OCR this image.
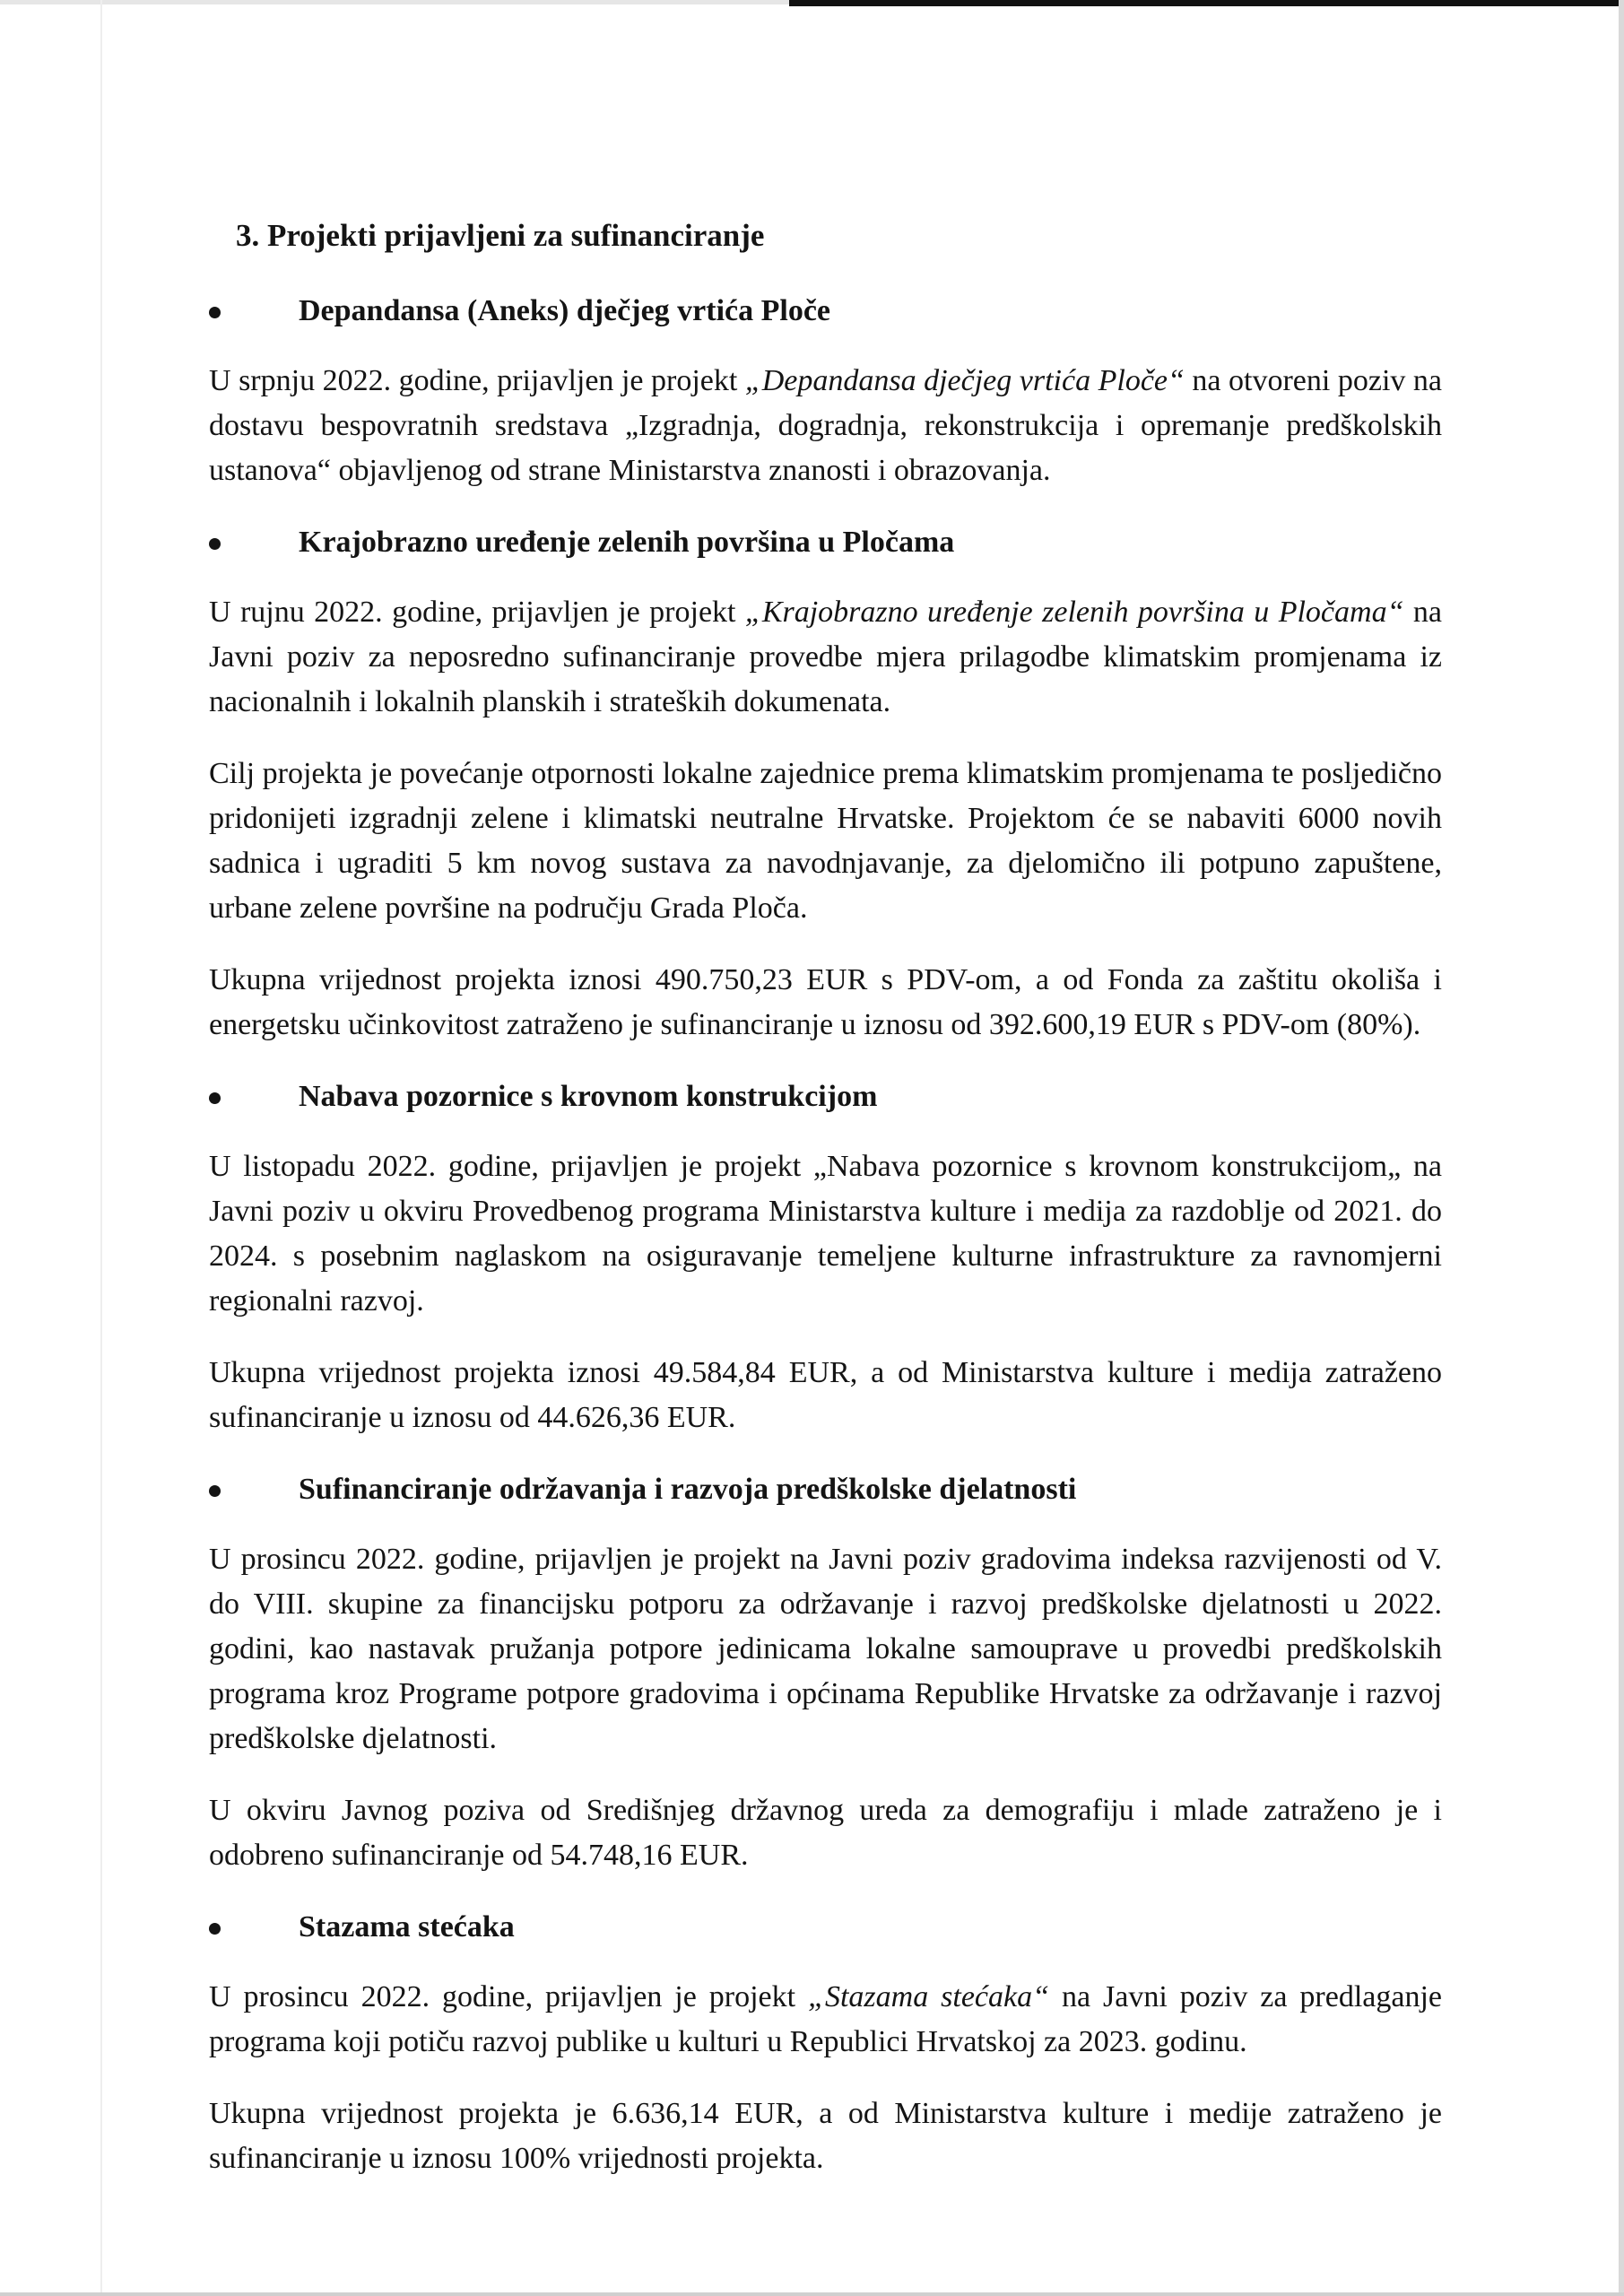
3. Projekti prijavljeni za sufinanciranje
Depandansa (Aneks) dječjeg vrtića Ploče

U srpnju 2022. godine, prijavljen je projekt „Depandansa dječjeg vrtića Ploče“ na otvoreni poziv na dostavu bespovratnih sredstava „Izgradnja, dogradnja, rekonstrukcija i opremanje predškolskih ustanova“ objavljenog od strane Ministarstva znanosti i obrazovanja.

Krajobrazno uređenje zelenih površina u Pločama

U rujnu 2022. godine, prijavljen je projekt „Krajobrazno uređenje zelenih površina u Pločama“ na Javni poziv za neposredno sufinanciranje provedbe mjera prilagodbe klimatskim promjenama iz nacionalnih i lokalnih planskih i strateških dokumenata.

Cilj projekta je povećanje otpornosti lokalne zajednice prema klimatskim promjenama te posljedično pridonijeti izgradnji zelene i klimatski neutralne Hrvatske. Projektom će se nabaviti 6000 novih sadnica i ugraditi 5 km novog sustava za navodnjavanje, za djelomično ili potpuno zapuštene, urbane zelene površine na području Grada Ploča.

Ukupna vrijednost projekta iznosi 490.750,23 EUR s PDV-om, a od Fonda za zaštitu okoliša i energetsku učinkovitost zatraženo je sufinanciranje u iznosu od 392.600,19 EUR s PDV-om (80%).

Nabava pozornice s krovnom konstrukcijom

U listopadu 2022. godine, prijavljen je projekt „Nabava pozornice s krovnom konstrukcijom„ na Javni poziv u okviru Provedbenog programa Ministarstva kulture i medija za razdoblje od 2021. do 2024. s posebnim naglaskom na osiguravanje temeljene kulturne infrastrukture za ravnomjerni regionalni razvoj.

Ukupna vrijednost projekta iznosi 49.584,84 EUR, a od Ministarstva kulture i medija zatraženo sufinanciranje u iznosu od 44.626,36 EUR.

Sufinanciranje održavanja i razvoja predškolske djelatnosti

U prosincu 2022. godine, prijavljen je projekt na Javni poziv gradovima indeksa razvijenosti od V. do VIII. skupine za financijsku potporu za održavanje i razvoj predškolske djelatnosti u 2022. godini, kao nastavak pružanja potpore jedinicama lokalne samouprave u provedbi predškolskih programa kroz Programe potpore gradovima i općinama Republike Hrvatske za održavanje i razvoj predškolske djelatnosti.

U okviru Javnog poziva od Središnjeg državnog ureda za demografiju i mlade zatraženo je i odobreno sufinanciranje od 54.748,16 EUR.

Stazama stećaka

U prosincu 2022. godine, prijavljen je projekt „Stazama stećaka“ na Javni poziv za predlaganje programa koji potiču razvoj publike u kulturi u Republici Hrvatskoj za 2023. godinu.

Ukupna vrijednost projekta je 6.636,14 EUR, a od Ministarstva kulture i medije zatraženo je sufinanciranje u iznosu 100% vrijednosti projekta.
